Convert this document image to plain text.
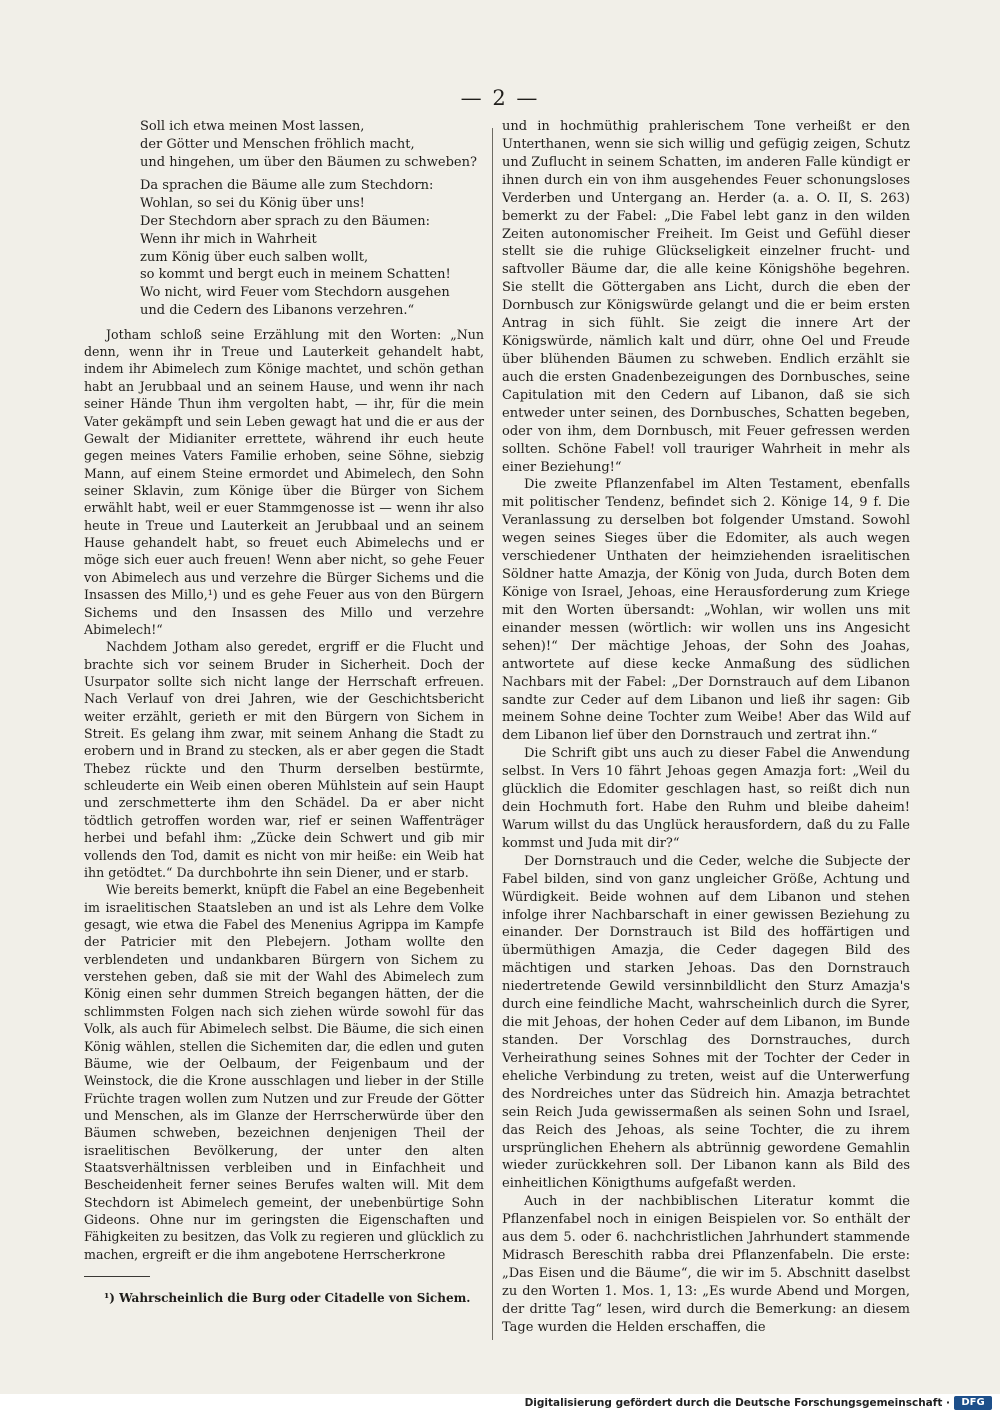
— 2 —
Soll ich etwa meinen Most lassen,
der Götter und Menschen fröhlich macht,
und hingehen, um über den Bäumen zu schweben?
Da sprachen die Bäume alle zum Stechdorn:
Wohlan, so sei du König über uns!
Der Stechdorn aber sprach zu den Bäumen:
Wenn ihr mich in Wahrheit
zum König über euch salben wollt,
so kommt und bergt euch in meinem Schatten!
Wo nicht, wird Feuer vom Stechdorn ausgehen
und die Cedern des Libanons verzehren.“

Jotham schloß seine Erzählung mit den Worten: „Nun denn, wenn ihr in Treue und Lauterkeit gehandelt habt, indem ihr Abimelech zum Könige machtet, und schön gethan habt an Jerubbaal und an seinem Hause, und wenn ihr nach seiner Hände Thun ihm vergolten habt, — ihr, für die mein Vater gekämpft und sein Leben gewagt hat und die er aus der Gewalt der Midianiter errettete, während ihr euch heute gegen meines Vaters Familie erhoben, seine Söhne, siebzig Mann, auf einem Steine ermordet und Abimelech, den Sohn seiner Sklavin, zum Könige über die Bürger von Sichem erwählt habt, weil er euer Stammgenosse ist — wenn ihr also heute in Treue und Lauterkeit an Jerubbaal und an seinem Hause gehandelt habt, so freuet euch Abimelechs und er möge sich euer auch freuen! Wenn aber nicht, so gehe Feuer von Abimelech aus und verzehre die Bürger Sichems und die Insassen des Millo,¹) und es gehe Feuer aus von den Bürgern Sichems und den Insassen des Millo und verzehre Abimelech!“

Nachdem Jotham also geredet, ergriff er die Flucht und brachte sich vor seinem Bruder in Sicherheit. Doch der Usurpator sollte sich nicht lange der Herrschaft erfreuen. Nach Verlauf von drei Jahren, wie der Geschichtsbericht weiter erzählt, gerieth er mit den Bürgern von Sichem in Streit. Es gelang ihm zwar, mit seinem Anhang die Stadt zu erobern und in Brand zu stecken, als er aber gegen die Stadt Thebez rückte und den Thurm derselben bestürmte, schleuderte ein Weib einen oberen Mühlstein auf sein Haupt und zerschmetterte ihm den Schädel. Da er aber nicht tödtlich getroffen worden war, rief er seinen Waffenträger herbei und befahl ihm: „Zücke dein Schwert und gib mir vollends den Tod, damit es nicht von mir heiße: ein Weib hat ihn getödtet.“ Da durchbohrte ihn sein Diener, und er starb.

Wie bereits bemerkt, knüpft die Fabel an eine Begebenheit im israelitischen Staatsleben an und ist als Lehre dem Volke gesagt, wie etwa die Fabel des Menenius Agrippa im Kampfe der Patricier mit den Plebejern. Jotham wollte den verblendeten und undankbaren Bürgern von Sichem zu verstehen geben, daß sie mit der Wahl des Abimelech zum König einen sehr dummen Streich begangen hätten, der die schlimmsten Folgen nach sich ziehen würde sowohl für das Volk, als auch für Abimelech selbst. Die Bäume, die sich einen König wählen, stellen die Sichemiten dar, die edlen und guten Bäume, wie der Oelbaum, der Feigenbaum und der Weinstock, die die Krone ausschlagen und lieber in der Stille Früchte tragen wollen zum Nutzen und zur Freude der Götter und Menschen, als im Glanze der Herrscherwürde über den Bäumen schweben, bezeichnen denjenigen Theil der israelitischen Bevölkerung, der unter den alten Staatsverhältnissen verbleiben und in Einfachheit und Bescheidenheit ferner seines Berufes walten will. Mit dem Stechdorn ist Abimelech gemeint, der unebenbürtige Sohn Gideons. Ohne nur im geringsten die Eigenschaften und Fähigkeiten zu besitzen, das Volk zu regieren und glücklich zu machen, ergreift er die ihm angebotene Herrscherkrone

und in hochmüthig prahlerischem Tone verheißt er den Unterthanen, wenn sie sich willig und gefügig zeigen, Schutz und Zuflucht in seinem Schatten, im anderen Falle kündigt er ihnen durch ein von ihm ausgehendes Feuer schonungsloses Verderben und Untergang an. Herder (a. a. O. II, S. 263) bemerkt zu der Fabel: „Die Fabel lebt ganz in den wilden Zeiten autonomischer Freiheit. Im Geist und Gefühl dieser stellt sie die ruhige Glückseligkeit einzelner frucht- und saftvoller Bäume dar, die alle keine Königshöhe begehren. Sie stellt die Göttergaben ans Licht, durch die eben der Dornbusch zur Königswürde gelangt und die er beim ersten Antrag in sich fühlt. Sie zeigt die innere Art der Königswürde, nämlich kalt und dürr, ohne Oel und Freude über blühenden Bäumen zu schweben. Endlich erzählt sie auch die ersten Gnadenbezeigungen des Dornbusches, seine Capitulation mit den Cedern auf Libanon, daß sie sich entweder unter seinen, des Dornbusches, Schatten begeben, oder von ihm, dem Dornbusch, mit Feuer gefressen werden sollten. Schöne Fabel! voll trauriger Wahrheit in mehr als einer Beziehung!“

Die zweite Pflanzenfabel im Alten Testament, ebenfalls mit politischer Tendenz, befindet sich 2. Könige 14, 9 f. Die Veranlassung zu derselben bot folgender Umstand. Sowohl wegen seines Sieges über die Edomiter, als auch wegen verschiedener Unthaten der heimziehenden israelitischen Söldner hatte Amazja, der König von Juda, durch Boten dem Könige von Israel, Jehoas, eine Herausforderung zum Kriege mit den Worten übersandt: „Wohlan, wir wollen uns mit einander messen (wörtlich: wir wollen uns ins Angesicht sehen)!“ Der mächtige Jehoas, der Sohn des Joahas, antwortete auf diese kecke Anmaßung des südlichen Nachbars mit der Fabel: „Der Dornstrauch auf dem Libanon sandte zur Ceder auf dem Libanon und ließ ihr sagen: Gib meinem Sohne deine Tochter zum Weibe! Aber das Wild auf dem Libanon lief über den Dornstrauch und zertrat ihn.“

Die Schrift gibt uns auch zu dieser Fabel die Anwendung selbst. In Vers 10 fährt Jehoas gegen Amazja fort: „Weil du glücklich die Edomiter geschlagen hast, so reißt dich nun dein Hochmuth fort. Habe den Ruhm und bleibe daheim! Warum willst du das Unglück herausfordern, daß du zu Falle kommst und Juda mit dir?“

Der Dornstrauch und die Ceder, welche die Subjecte der Fabel bilden, sind von ganz ungleicher Größe, Achtung und Würdigkeit. Beide wohnen auf dem Libanon und stehen infolge ihrer Nachbarschaft in einer gewissen Beziehung zu einander. Der Dornstrauch ist Bild des hoffärtigen und übermüthigen Amazja, die Ceder dagegen Bild des mächtigen und starken Jehoas. Das den Dornstrauch niedertretende Gewild versinnbildlicht den Sturz Amazja's durch eine feindliche Macht, wahrscheinlich durch die Syrer, die mit Jehoas, der hohen Ceder auf dem Libanon, im Bunde standen. Der Vorschlag des Dornstrauches, durch Verheirathung seines Sohnes mit der Tochter der Ceder in eheliche Verbindung zu treten, weist auf die Unterwerfung des Nordreiches unter das Südreich hin. Amazja betrachtet sein Reich Juda gewissermaßen als seinen Sohn und Israel, das Reich des Jehoas, als seine Tochter, die zu ihrem ursprünglichen Ehehern als abtrünnig gewordene Gemahlin wieder zurückkehren soll. Der Libanon kann als Bild des einheitlichen Königthums aufgefaßt werden.

Auch in der nachbiblischen Literatur kommt die Pflanzenfabel noch in einigen Beispielen vor. So enthält der aus dem 5. oder 6. nachchristlichen Jahrhundert stammende Midrasch Bereschith rabba drei Pflanzenfabeln. Die erste: „Das Eisen und die Bäume“, die wir im 5. Abschnitt daselbst zu den Worten 1. Mos. 1, 13: „Es wurde Abend und Morgen, der dritte Tag“ lesen, wird durch die Bemerkung: an diesem Tage wurden die Helden erschaffen, die

¹) Wahrscheinlich die Burg oder Citadelle von Sichem.
Digitalisierung gefördert durch die Deutsche Forschungsgemeinschaft ·	DFG
